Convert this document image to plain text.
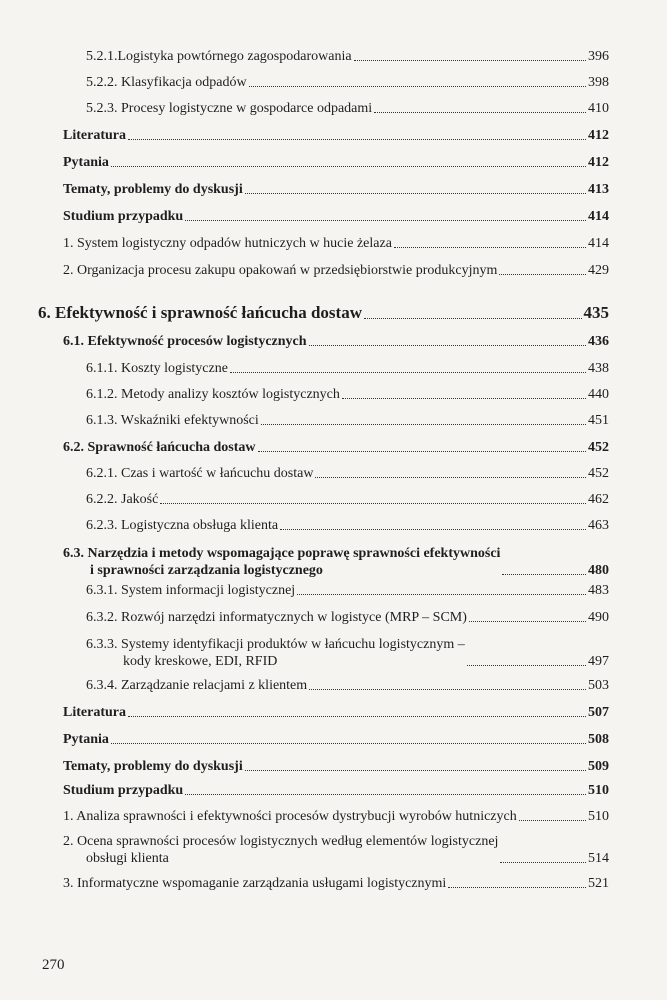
5.2.1.Logistyka powtórnego zagospodarowania	396
5.2.2. Klasyfikacja odpadów	398
5.2.3. Procesy logistyczne w gospodarce odpadami	410
Literatura	412
Pytania	412
Tematy, problemy do dyskusji	413
Studium przypadku	414
1. System logistyczny odpadów hutniczych w hucie żelaza	414
2. Organizacja procesu zakupu opakowań w przedsiębiorstwie produkcyjnym	429
6. Efektywność i sprawność łańcucha dostaw	435
6.1. Efektywność procesów logistycznych	436
6.1.1. Koszty logistyczne	438
6.1.2. Metody analizy kosztów logistycznych	440
6.1.3. Wskaźniki efektywności	451
6.2. Sprawność łańcucha dostaw	452
6.2.1. Czas i wartość w łańcuchu dostaw	452
6.2.2. Jakość	462
6.2.3. Logistyczna obsługa klienta	463
6.3. Narzędzia i metody wspomagające poprawę sprawności efektywności
i sprawności zarządzania logistycznego	480
6.3.1. System informacji logistycznej	483
6.3.2. Rozwój narzędzi informatycznych w logistyce (MRP – SCM)	490
6.3.3. Systemy identyfikacji produktów w łańcuchu logistycznym –
kody kreskowe, EDI, RFID	497
6.3.4. Zarządzanie relacjami z klientem	503
Literatura	507
Pytania	508
Tematy, problemy do dyskusji	509
Studium przypadku	510
1. Analiza sprawności i efektywności procesów dystrybucji wyrobów hutniczych	510
2. Ocena sprawności procesów logistycznych według elementów logistycznej
obsługi klienta	514
3. Informatyczne wspomaganie zarządzania usługami logistycznymi	521
270
